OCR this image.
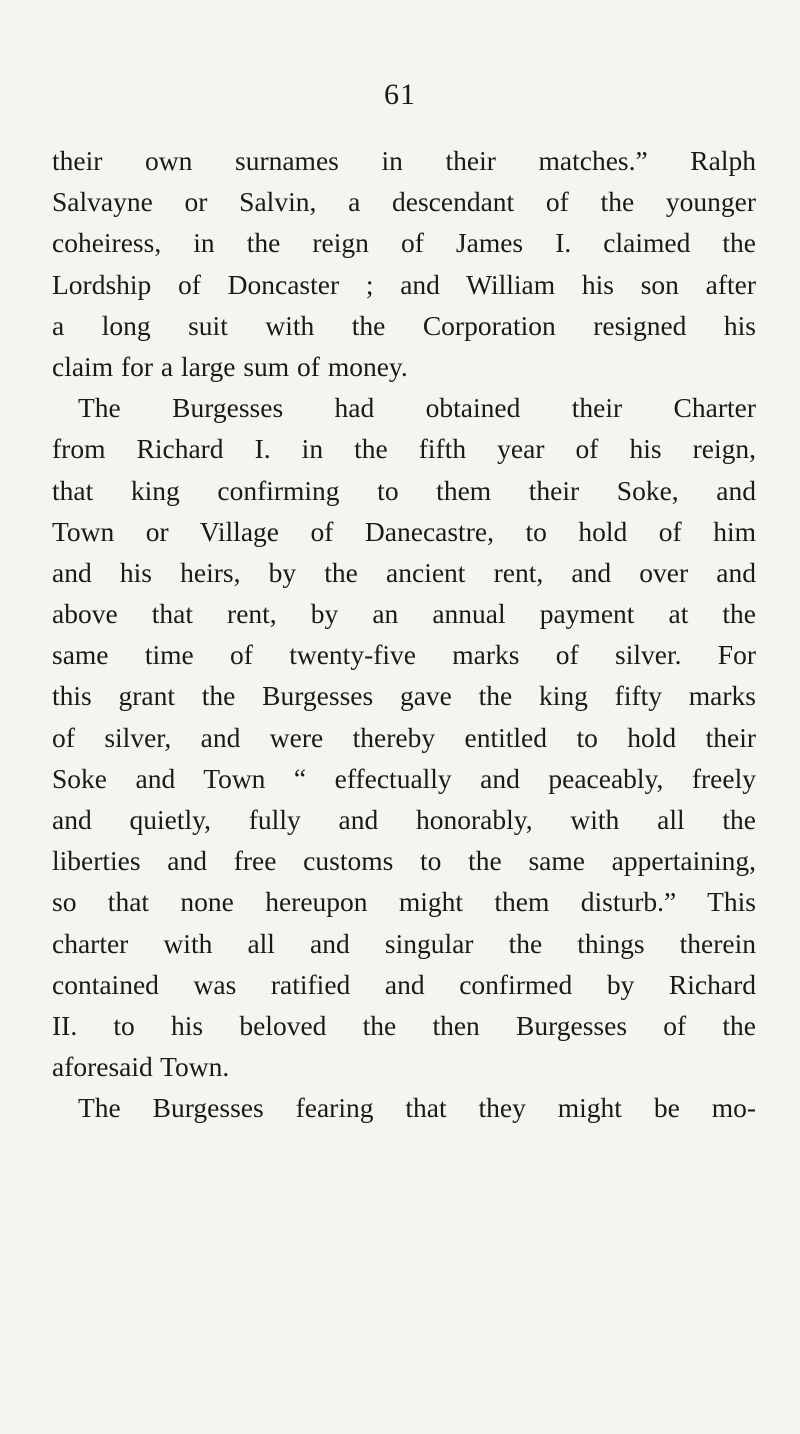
61
their own surnames in their matches.” Ralph
Salvayne or Salvin, a descendant of the younger
coheiress, in the reign of James I. claimed the
Lordship of Doncaster ; and William his son after
a long suit with the Corporation resigned his
claim for a large sum of money.
The Burgesses had obtained their Charter
from Richard I. in the fifth year of his reign,
that king confirming to them their Soke, and
Town or Village of Danecastre, to hold of him
and his heirs, by the ancient rent, and over and
above that rent, by an annual payment at the
same time of twenty-five marks of silver. For
this grant the Burgesses gave the king fifty marks
of silver, and were thereby entitled to hold their
Soke and Town “ effectually and peaceably, freely
and quietly, fully and honorably, with all the
liberties and free customs to the same appertaining,
so that none hereupon might them disturb.” This
charter with all and singular the things therein
contained was ratified and confirmed by Richard
II. to his beloved the then Burgesses of the
aforesaid Town.
The Burgesses fearing that they might be mo-
